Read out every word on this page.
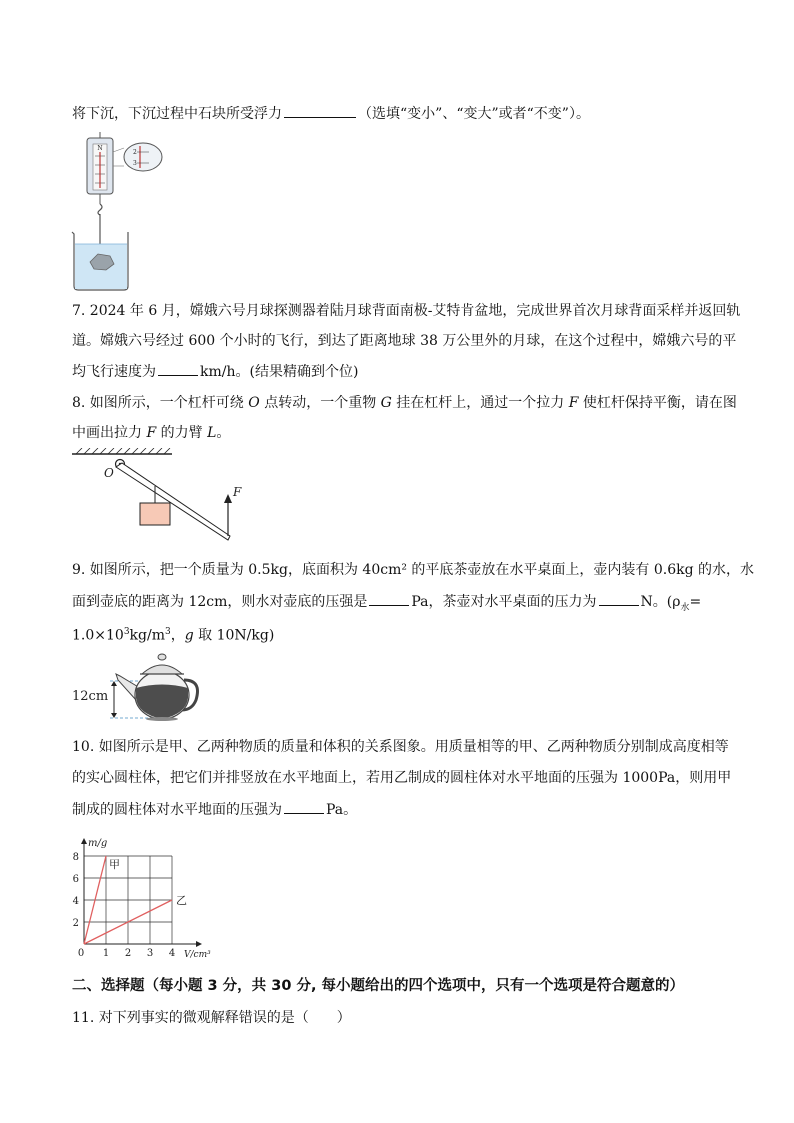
将下沉，下沉过程中石块所受浮力	（选填“变小”、“变大”或者“不变”）。
N
2
3
7. 2024 年 6 月，嫦娥六号月球探测器着陆月球背面南极-艾特肯盆地，完成世界首次月球背面采样并返回轨
道。嫦娥六号经过 600 个小时的飞行，到达了距离地球 38 万公里外的月球，在这个过程中，嫦娥六号的平
均飞行速度为	km/h。(结果精确到个位)
8. 如图所示，一个杠杆可绕 O 点转动，一个重物 G 挂在杠杆上，通过一个拉力 F 使杠杆保持平衡，请在图
中画出拉力 F 的力臂 L。
O
F
9. 如图所示，把一个质量为 0.5kg，底面积为 40cm² 的平底茶壶放在水平桌面上，壶内装有 0.6kg 的水，水
面到壶底的距离为 12cm，则水对壶底的压强是	Pa，茶壶对水平桌面的压力为	N。($\rho_水=$
$1.0\times 10^3kg/m^3$，g 取 10N/kg)
12cm
10. 如图所示是甲、乙两种物质的质量和体积的关系图象。用质量相等的甲、乙两种物质分别制成高度相等
的实心圆柱体，把它们并排竖放在水平地面上，若用乙制成的圆柱体对水平地面的压强为 1000Pa，则用甲
制成的圆柱体对水平地面的压强为	Pa。
0 1 2 3 4
2
4
6
8
m/g
V/cm³
甲
乙
二、选择题（每小题 3 分，共 30 分, 每小题给出的四个选项中，只有一个选项是符合题意的）
11. 对下列事实的微观解释错误的是（　　）
